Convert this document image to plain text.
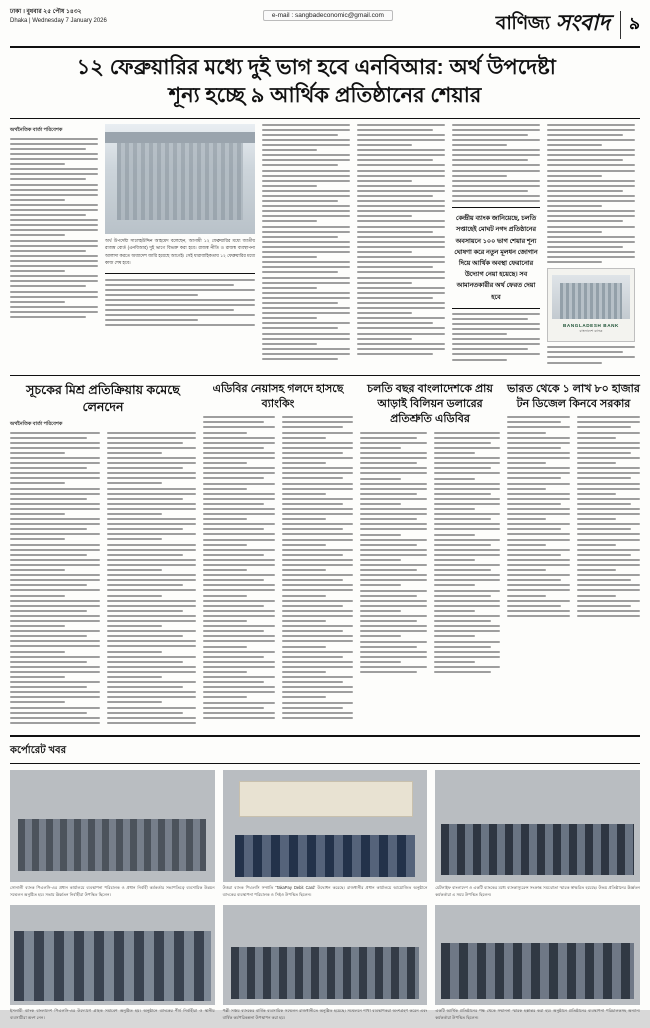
ঢাকা । বুধবার ২৫ পৌষ ১৪৩২
Dhaka | Wednesday 7 January 2026
e-mail : sangbadeconomic@gmail.com	বাণিজ্য সংবাদ	৯
১২ ফেব্রুয়ারির মধ্যে দুই ভাগ হবে এনবিআর: অর্থ উপদেষ্টা    শূন্য হচ্ছে ৯ আর্থিক প্রতিষ্ঠানের শেয়ার
অর্থনৈতিক বার্তা পরিবেশক
অর্থ উপদেষ্টা সালেহউদ্দিন আহমেদ বলেছেন, আগামী ১২ ফেব্রুয়ারির মধ্যে জাতীয় রাজস্ব বোর্ড (এনবিআর) দুই ভাগে বিভক্ত করা হবে। রাজস্ব নীতি ও রাজস্ব ব্যবস্থাপনা আলাদা করতে অধ্যাদেশ জারি হয়েছে আগেই। সেই ধারাবাহিকতায় ১২ ফেব্রুয়ারির মধ্যে কাজ শেষ হবে।
কেন্দ্রীয় ব্যাংক জানিয়েছে, চলতি সপ্তাহেই মোঘট নগদ প্রতিষ্ঠানের অবসায়নে ১০০ ভাগ শেয়ার শূন্য ঘোষণা করে নতুন মূলধন জোগান দিয়ে আর্থিক অবস্থা ফেরানোর উদ্যোগ নেয়া হয়েছে। সব আমানতকারীর অর্থ ফেরত দেয়া হবে
BANGLADESH BANK
বাংলাদেশ ব্যাংক
সূচকের মিশ্র প্রতিক্রিয়ায় কমেছে লেনদেন
অর্থনৈতিক বার্তা পরিবেশক
এডিবির নেয়াসহ গলদে হাসছে ব্যাংকিং
চলতি বছর বাংলাদেশকে প্রায় আড়াই বিলিয়ন ডলারের প্রতিশ্রুতি এডিবির
ভারত থেকে ১ লাখ ৮০ হাজার টন ডিজেল কিনবে সরকার
কর্পোরেট খবর
সোনালী ব্যাংক পিএলসি-এর প্রধান কার্যালয়ে ব্যবস্থাপনা পরিচালক ও প্রধান নির্বাহী কর্মকর্তার সভাপতিত্বে ব্যবসায়িক উন্নয়ন সম্মেলন অনুষ্ঠিত হয়। সভায় ঊর্ধ্বতন নির্বাহীরা উপস্থিত ছিলেন।
উত্তরা ব্যাংক পিএলসি সম্প্রতি 'TakaPay Debit Card' উদ্বোধন করেছে। রাজধানীর প্রধান কার্যালয়ে আয়োজিত অনুষ্ঠানে ব্যাংকের ব্যবস্থাপনা পরিচালক ও সিইও উপস্থিত ছিলেন।
মেটলাইফ বাংলাদেশ ও একটি ব্যাংকের মধ্যে ব্যাংকাস্যুরেন্স সংক্রান্ত সমঝোতা স্মারক স্বাক্ষরিত হয়েছে। উভয় প্রতিষ্ঠানের ঊর্ধ্বতন কর্মকর্তারা এ সময় উপস্থিত ছিলেন।
ইসলামী ব্যাংক বাংলাদেশ পিএলসি-এর উদ্যোগে গ্রাহক সমাবেশ অনুষ্ঠিত হয়। অনুষ্ঠানে ব্যাংকের শীর্ষ নির্বাহীরা ও স্থানীয় ব্যবসায়ীরা অংশ নেন।
পল্লী সঞ্চয় ব্যাংকের বার্ষিক ব্যবসায়িক সম্মেলন রাজধানীতে অনুষ্ঠিত হয়েছে। সম্মেলনে শাখা ব্যবস্থাপকরা অংশগ্রহণ করেন এবং বার্ষিক কর্মপরিকল্পনা উপস্থাপন করা হয়।
একটি আর্থিক প্রতিষ্ঠানের পক্ষ থেকে সম্মাননা স্মারক হস্তান্তর করা হয়। অনুষ্ঠানে প্রতিষ্ঠানের ব্যবস্থাপনা পরিচালকসহ অন্যান্য কর্মকর্তারা উপস্থিত ছিলেন।
